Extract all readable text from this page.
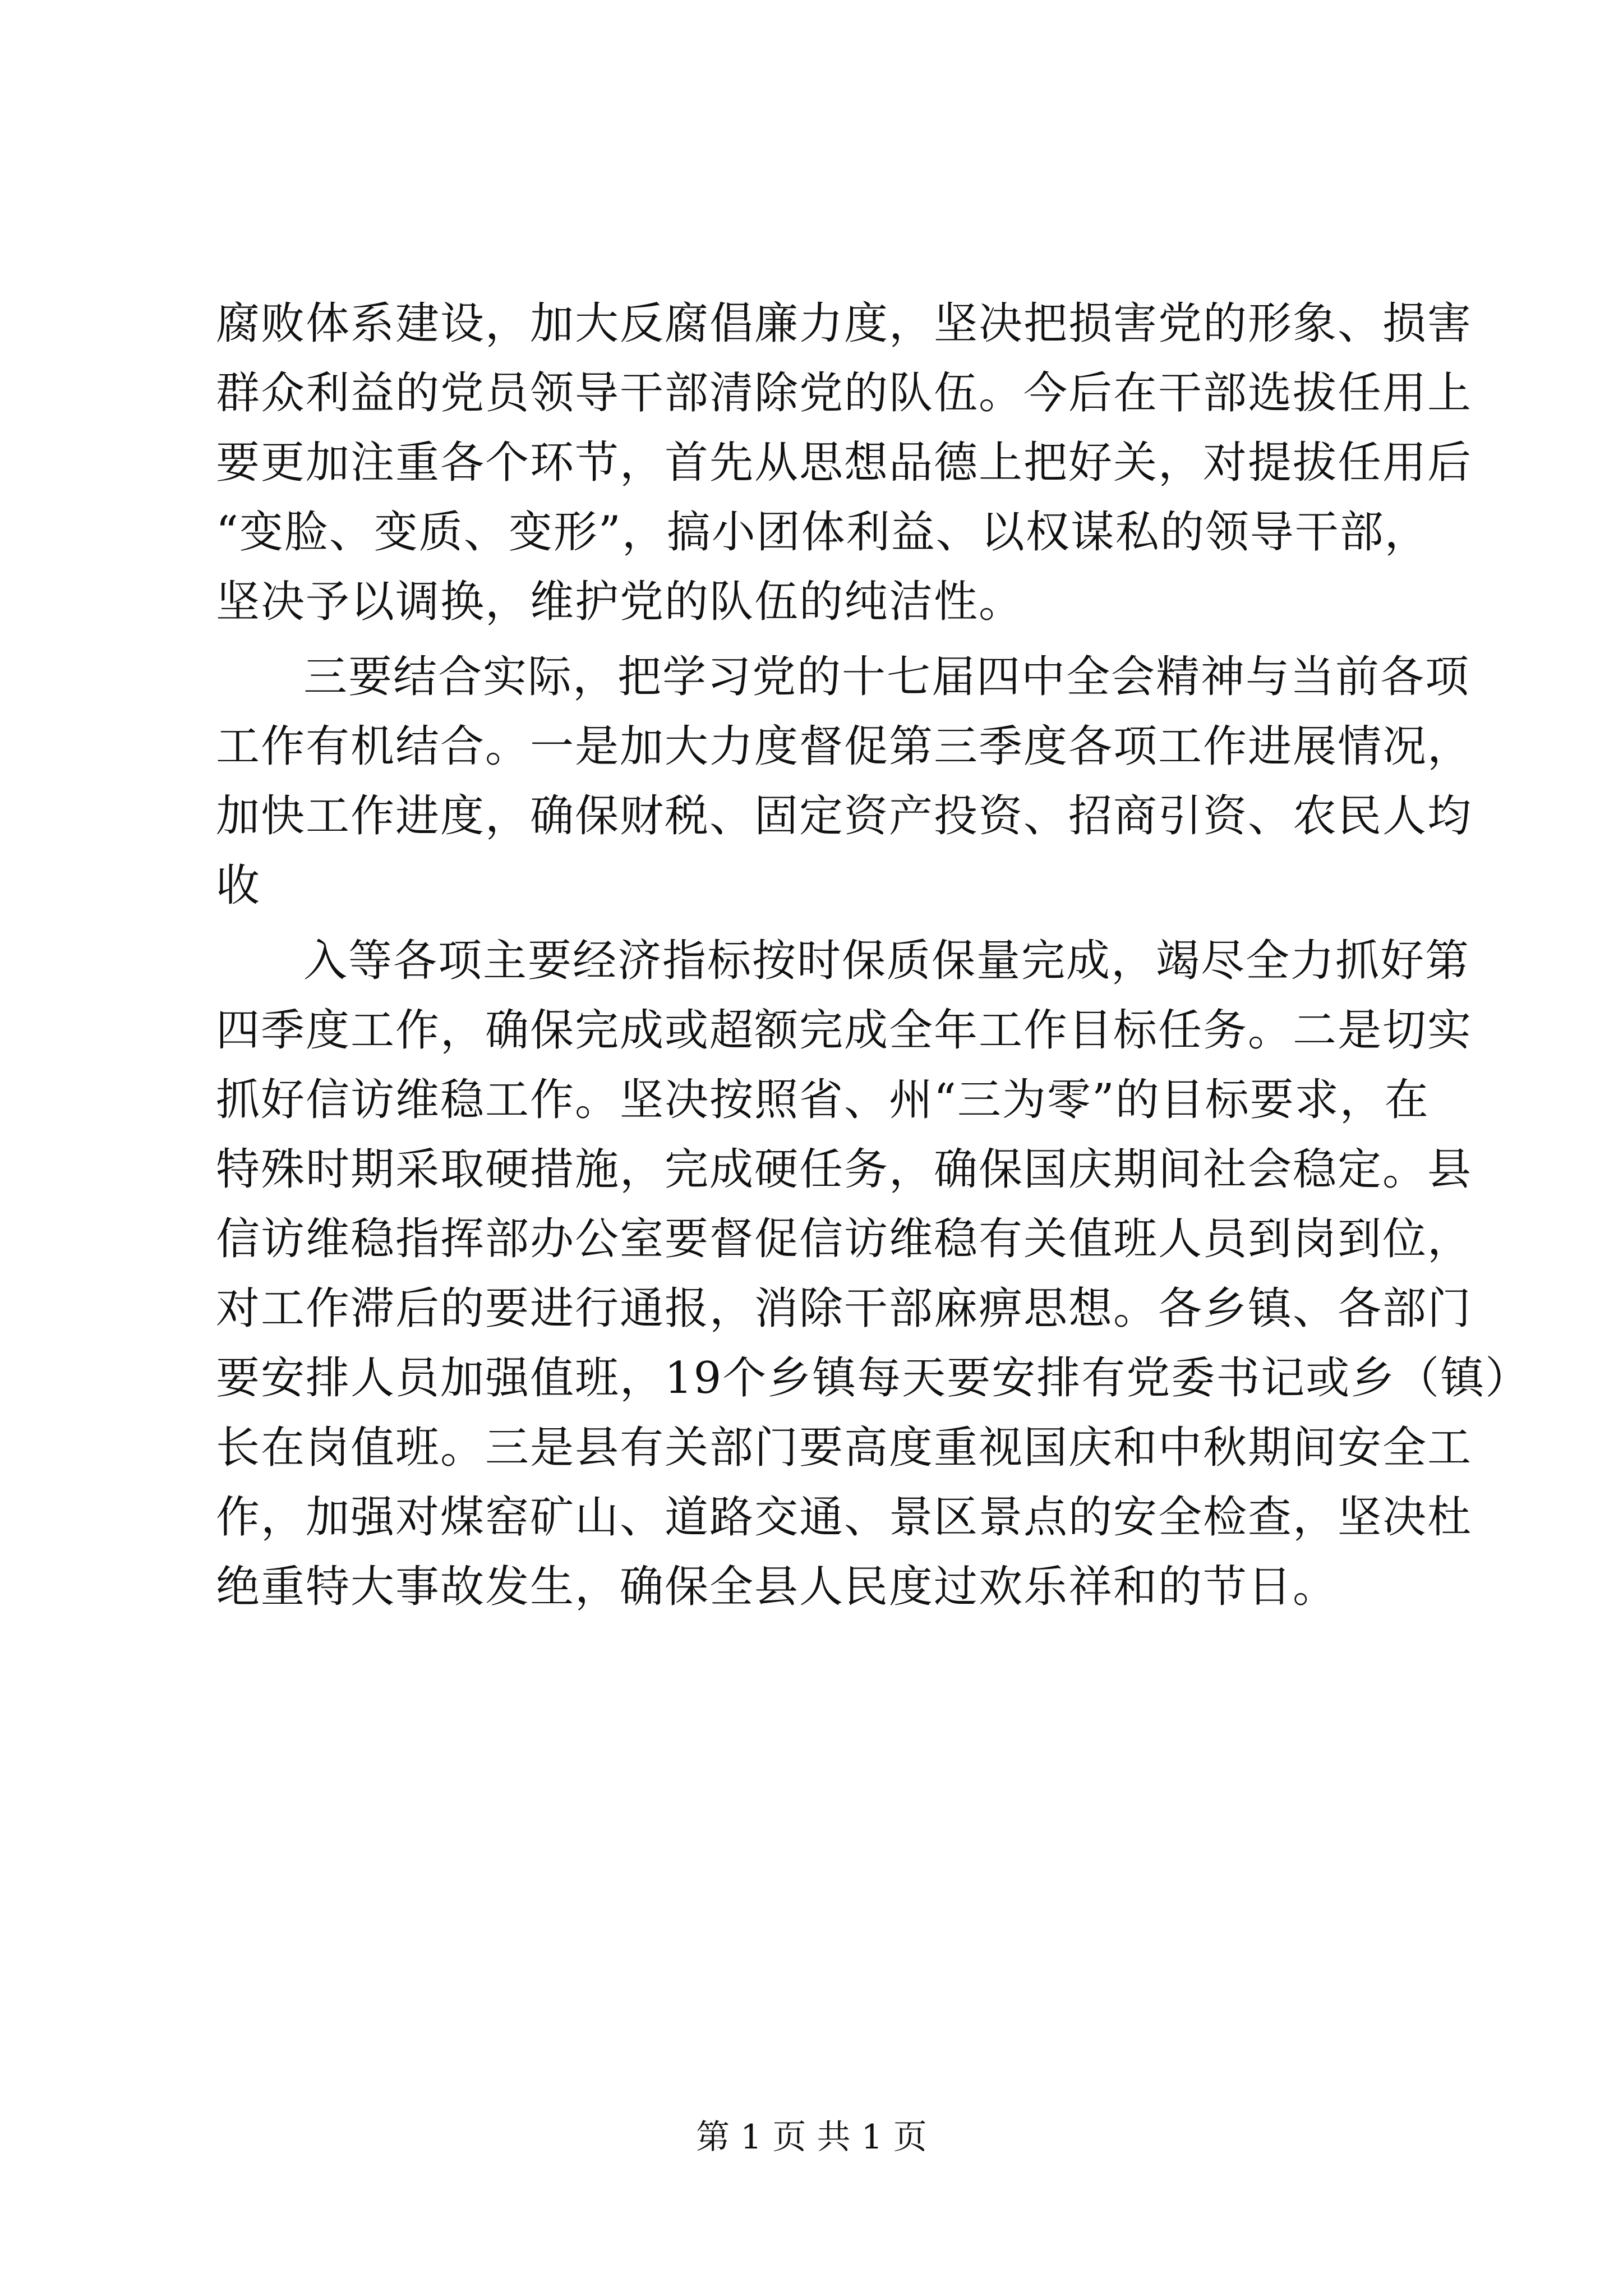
腐败体系建设，加大反腐倡廉力度，坚决把损害党的形象、损害
群众利益的党员领导干部清除党的队伍。今后在干部选拔任用上
要更加注重各个环节，首先从思想品德上把好关，对提拔任用后
“变脸、变质、变形”，搞小团体利益、以权谋私的领导干部，
坚决予以调换，维护党的队伍的纯洁性。
三要结合实际，把学习党的十七届四中全会精神与当前各项
工作有机结合。一是加大力度督促第三季度各项工作进展情况，
加快工作进度，确保财税、固定资产投资、招商引资、农民人均
收
入等各项主要经济指标按时保质保量完成，竭尽全力抓好第
四季度工作，确保完成或超额完成全年工作目标任务。二是切实
抓好信访维稳工作。坚决按照省、州“三为零”的目标要求，在
特殊时期采取硬措施，完成硬任务，确保国庆期间社会稳定。县
信访维稳指挥部办公室要督促信访维稳有关值班人员到岗到位，
对工作滞后的要进行通报，消除干部麻痹思想。各乡镇、各部门
要安排人员加强值班，19个乡镇每天要安排有党委书记或乡（镇）
长在岗值班。三是县有关部门要高度重视国庆和中秋期间安全工
作，加强对煤窑矿山、道路交通、景区景点的安全检查，坚决杜
绝重特大事故发生，确保全县人民度过欢乐祥和的节日。
第 1 页 共 1 页
